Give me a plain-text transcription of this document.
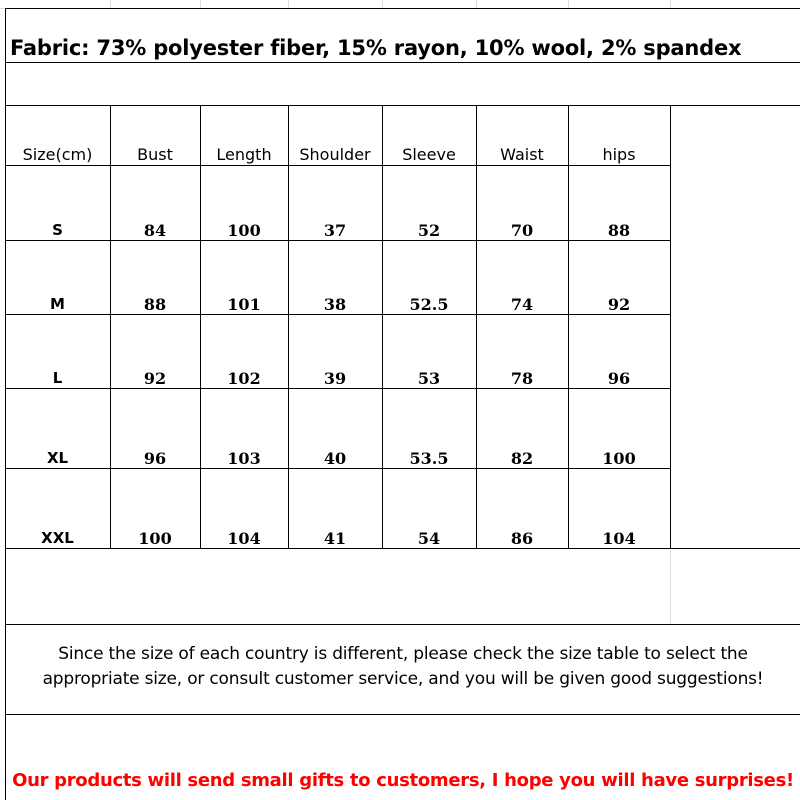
Fabric: 73% polyester fiber, 15% rayon, 10% wool, 2% spandex
Size(cm)	Bust	Length	Shoulder	Sleeve	Waist	hips
S	84	100	37	52	70	88
M	88	101	38	52.5	74	92
L	92	102	39	53	78	96
XL	96	103	40	53.5	82	100
XXL	100	104	41	54	86	104
Since the size of each country is different, please check the size table to select the
appropriate size, or consult customer service, and you will be given good suggestions!
Our products will send small gifts to customers, I hope you will have surprises!
